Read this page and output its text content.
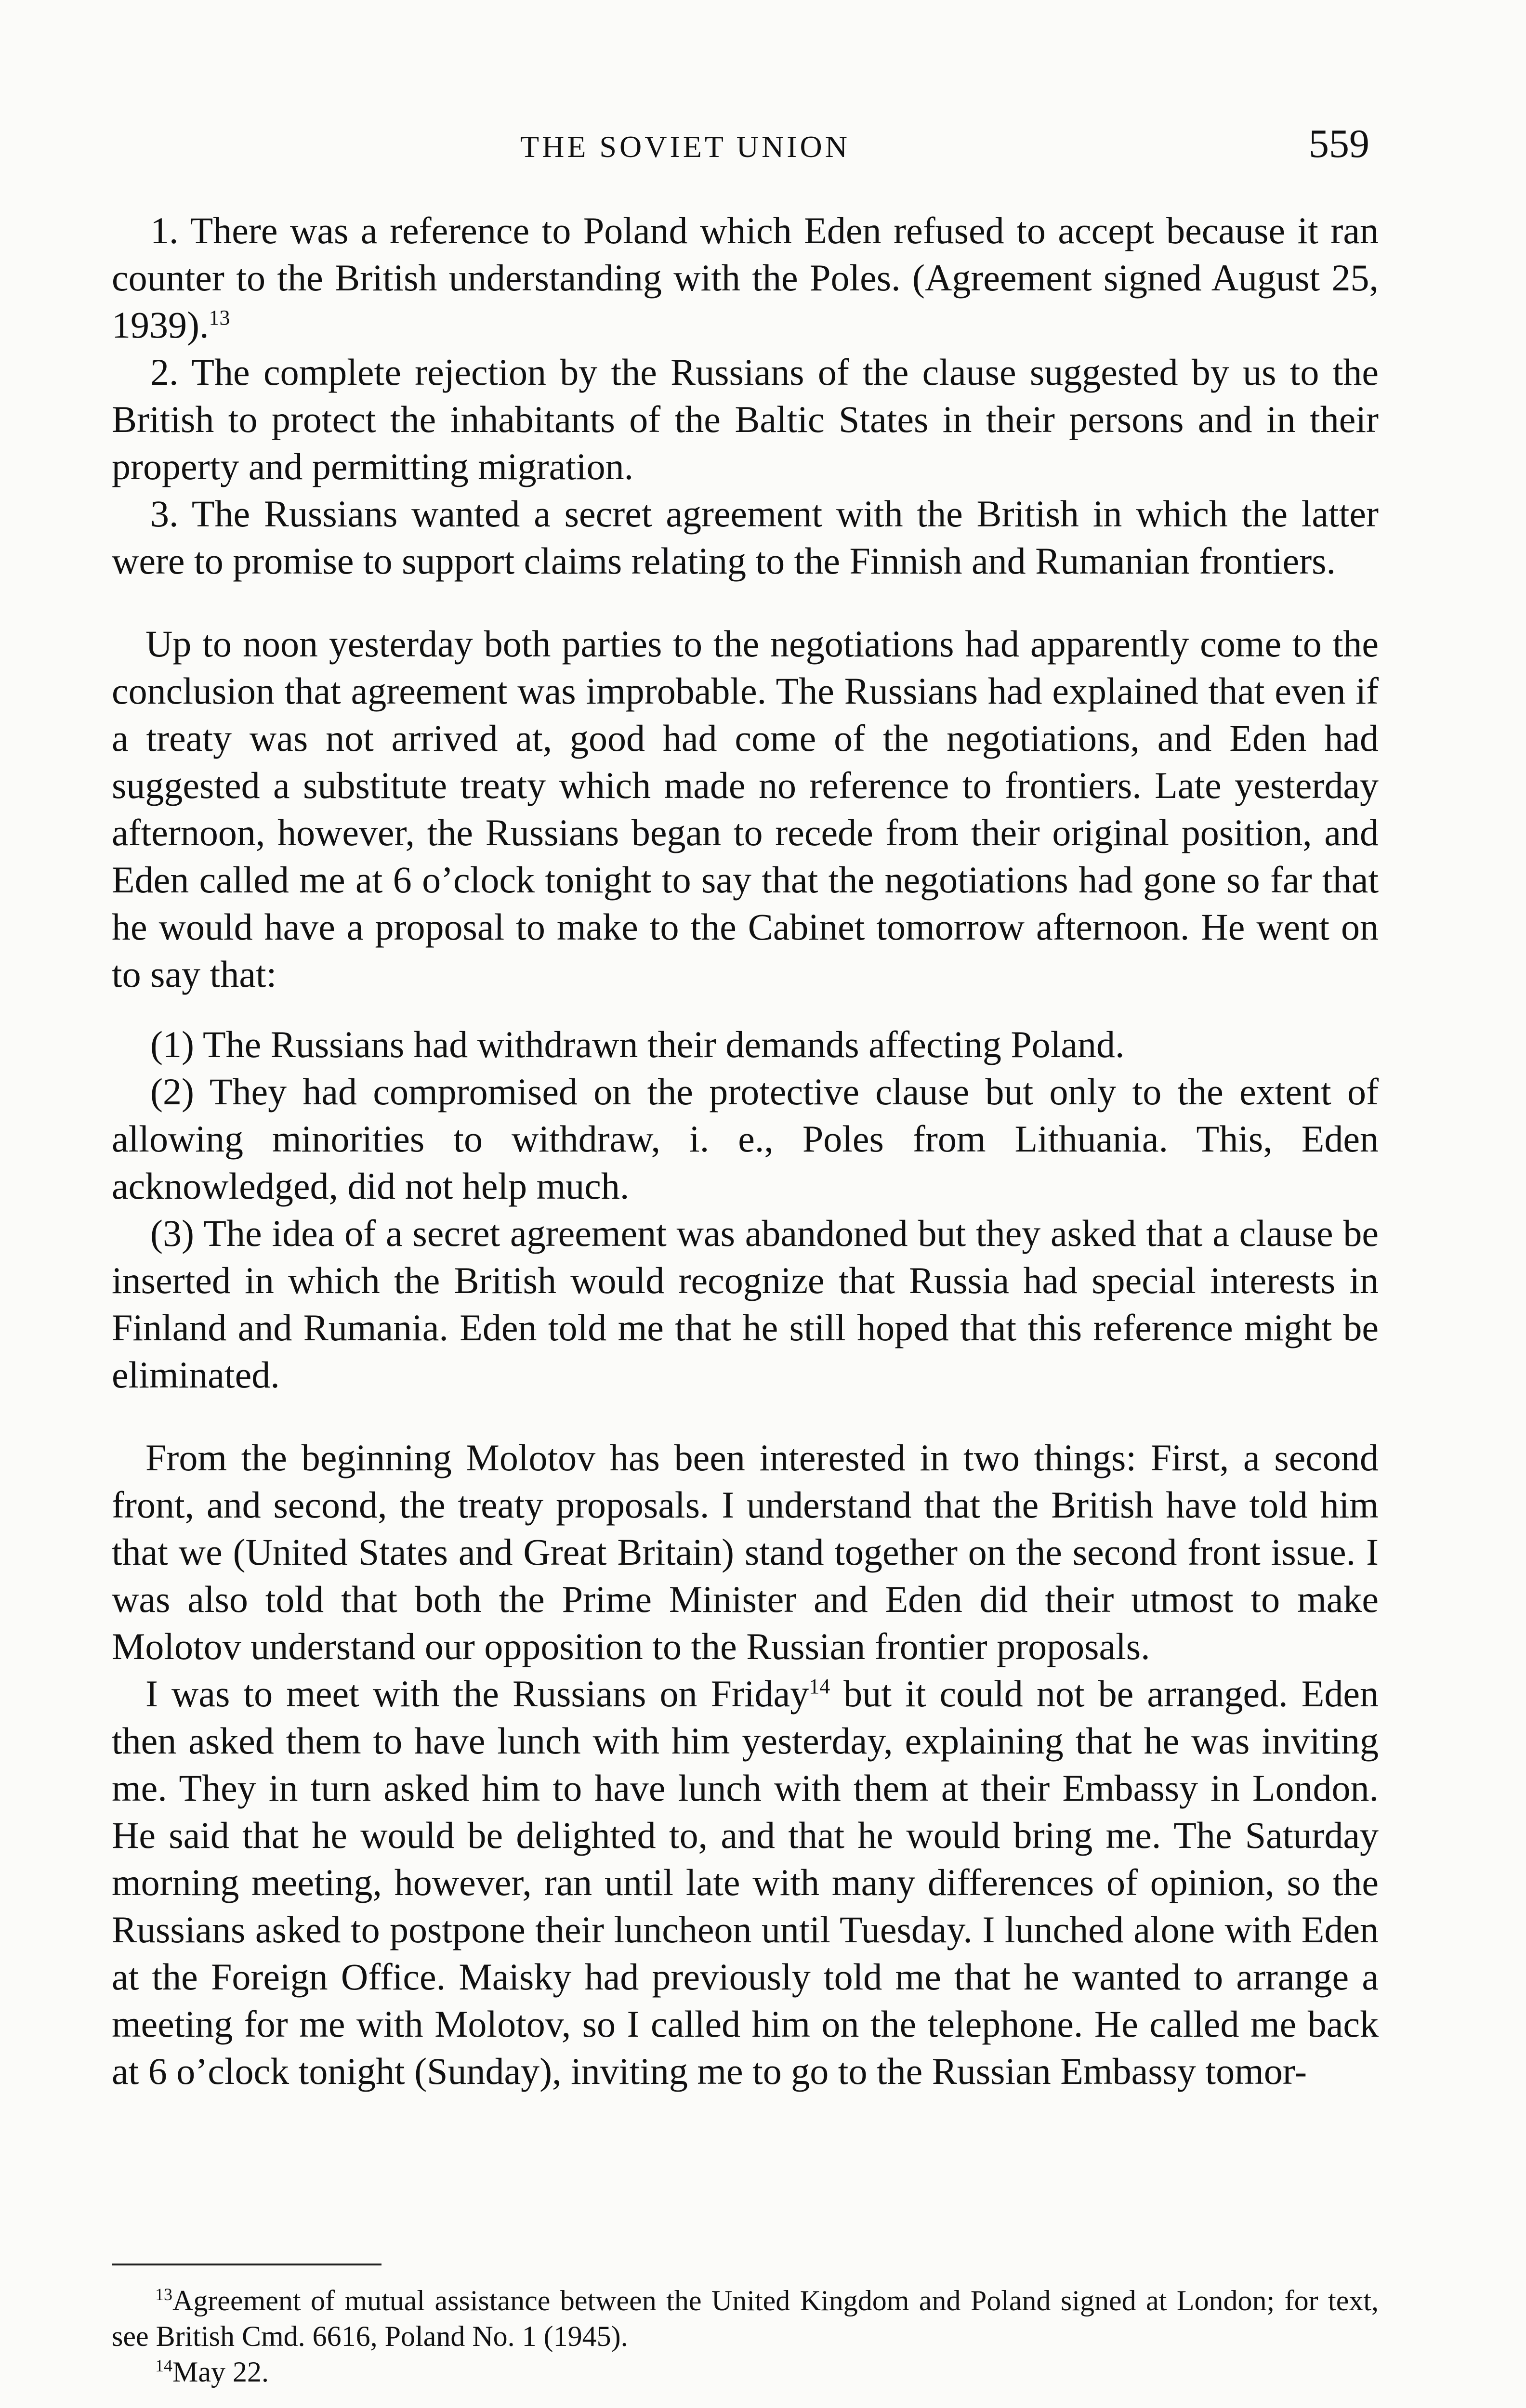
THE SOVIET UNION	559

1. There was a reference to Poland which Eden refused to accept because it ran counter to the British understanding with the Poles. (Agreement signed August 25, 1939).$^{13}$

2. The complete rejection by the Russians of the clause suggested by us to the British to protect the inhabitants of the Baltic States in their persons and in their property and permitting migration.

3. The Russians wanted a secret agreement with the British in which the latter were to promise to support claims relating to the Finnish and Rumanian frontiers.

Up to noon yesterday both parties to the negotiations had apparently come to the conclusion that agreement was improbable. The Russians had explained that even if a treaty was not arrived at, good had come of the negotiations, and Eden had suggested a substitute treaty which made no reference to frontiers. Late yesterday afternoon, however, the Russians began to recede from their original position, and Eden called me at 6 o’clock tonight to say that the negotiations had gone so far that he would have a proposal to make to the Cabinet tomorrow afternoon. He went on to say that:

(1) The Russians had withdrawn their demands affecting Poland.

(2) They had compromised on the protective clause but only to the extent of allowing minorities to withdraw, i. e., Poles from Lithuania. This, Eden acknowledged, did not help much.

(3) The idea of a secret agreement was abandoned but they asked that a clause be inserted in which the British would recognize that Russia had special interests in Finland and Rumania. Eden told me that he still hoped that this reference might be eliminated.

From the beginning Molotov has been interested in two things: First, a second front, and second, the treaty proposals. I understand that the British have told him that we (United States and Great Britain) stand together on the second front issue. I was also told that both the Prime Minister and Eden did their utmost to make Molotov understand our opposition to the Russian frontier proposals.

I was to meet with the Russians on Friday$^{14}$ but it could not be arranged. Eden then asked them to have lunch with him yesterday, explaining that he was inviting me. They in turn asked him to have lunch with them at their Embassy in London. He said that he would be delighted to, and that he would bring me. The Saturday morning meeting, however, ran until late with many differences of opinion, so the Russians asked to postpone their luncheon until Tuesday. I lunched alone with Eden at the Foreign Office. Maisky had previously told me that he wanted to arrange a meeting for me with Molotov, so I called him on the telephone. He called me back at 6 o’clock tonight (Sunday), inviting me to go to the Russian Embassy tomor-

$^{13}$Agreement of mutual assistance between the United Kingdom and Poland signed at London; for text, see British Cmd. 6616, Poland No. 1 (1945).

$^{14}$May 22.
